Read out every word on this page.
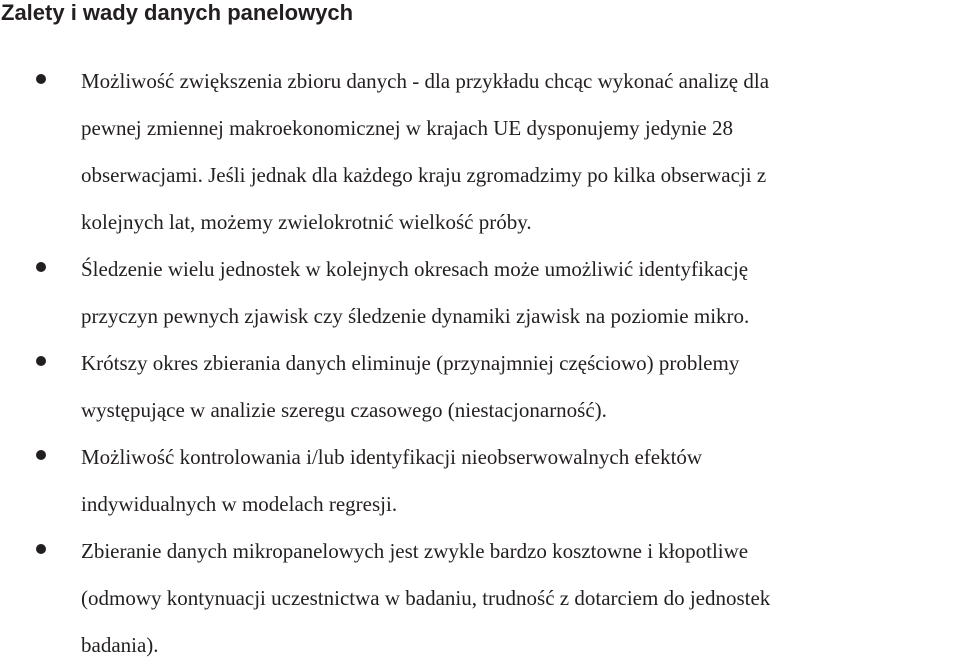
Zalety i wady danych panelowych
Możliwość zwiększenia zbioru danych - dla przykładu chcąc wykonać analizę dla
pewnej zmiennej makroekonomicznej w krajach UE dysponujemy jedynie 28
obserwacjami. Jeśli jednak dla każdego kraju zgromadzimy po kilka obserwacji z
kolejnych lat, możemy zwielokrotnić wielkość próby.
Śledzenie wielu jednostek w kolejnych okresach może umożliwić identyfikację
przyczyn pewnych zjawisk czy śledzenie dynamiki zjawisk na poziomie mikro.
Krótszy okres zbierania danych eliminuje (przynajmniej częściowo) problemy
występujące w analizie szeregu czasowego (niestacjonarność).
Możliwość kontrolowania i/lub identyfikacji nieobserwowalnych efektów
indywidualnych w modelach regresji.
Zbieranie danych mikropanelowych jest zwykle bardzo kosztowne i kłopotliwe
(odmowy kontynuacji uczestnictwa w badaniu, trudność z dotarciem do jednostek
badania).
